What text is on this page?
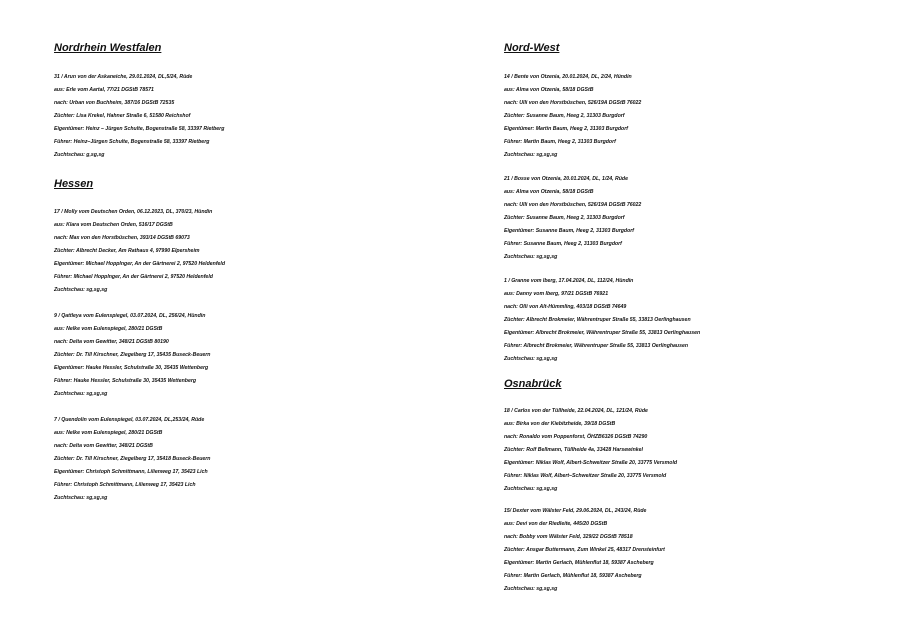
Nordrhein Westfalen
31 / Arun von der Askaneiche, 29.01.2024, DL,5/24, Rüde
aus: Erle vom Aartal, 77/21 DGStB 78571
nach: Urban von Buchheim, 387/16 DGStB 72535
Züchter: Lisa Krekel, Hahner Straße 6, 51580 Reichshof
Eigentümer: Heinz – Jürgen Schulte, Bogenstraße 58, 33397 Rietberg
Führer: Heinz–Jürgen Schulte, Bogenstraße 58, 33397 Rietberg
Zuchtschau: g,sg,sg
Hessen
17 / Molly vom Deutschen Orden, 06.12.2023, DL, 370/23, Hündin
aus: Klara vom Deutschen Orden, 516/17 DGStB
nach: Max von den Horstbüschen, 393/14 DGStB 69073
Züchter: Albrecht Decker, Am Rathaus 4, 97990 Elpersheim
Eigentümer: Michael Hopplnger, An der Gärtnerei 2, 97520 Heldenfeld
Führer: Michael Hopplnger, An der Gärtnerei 2, 97520 Heldenfeld
Zuchtschau: sg,sg,sg
9 / Qattleya vom Eulenspiegel, 03.07.2024, DL, 256/24, Hündin
aus: Nelke vom Eulenspiegel, 280/21 DGStB
nach: Delta vom Gewitter, 348/21 DGStB 80190
Züchter: Dr. Till Kirschner, Ziegelberg 17, 35435 Buseck-Beuern
Eigentümer: Hauke Hessler, Schulstraße 30, 35435 Wettenberg
Führer: Hauke Hessler, Schulstraße 30, 35435 Wettenberg
Zuchtschau: sg,sg,sg
7 / Quendolin vom Eulenspiegel, 03.07.2024, DL,253/24, Rüde
aus: Nelke vom Eulenspiegel, 280/21 DGStB
nach: Delta vom Gewitter, 348/21 DGStB
Züchter: Dr. Till Kirschner, Ziegelberg 17, 35418 Buseck-Beuern
Eigentümer: Christoph Schmittmann, Lilienweg 17, 35423 Lich
Führer: Christoph Schmittmann, Lilienweg 17, 35423 Lich
Zuchtschau: sg,sg,sg
Nord-West
14 / Bente von Otzenia, 20.01.2024, DL, 2/24, Hündin
aus: Alma von Otzenia, 58/18 DGStB
nach: Ulli von den Horstbüschen, 526/19A DGStB 76022
Züchter: Susanne Baum, Heeg 2, 31303 Burgdorf
Eigentümer: Martin Baum, Heeg 2, 31303 Burgdorf
Führer: Martin Baum, Heeg 2, 31303 Burgdorf
Zuchtschau: sg,sg,sg
21 / Bosse von Otzenia, 20.01.2024, DL, 1/24, Rüde
aus: Alma von Otzenia, 58/18 DGStB
nach: Ulli von den Horstbüschen, 526/19A DGStB 76022
Züchter: Susanne Baum, Heeg 2, 31303 Burgdorf
Eigentümer: Susanne Baum, Heeg 2, 31303 Burgdorf
Führer: Susanne Baum, Heeg 2, 31303 Burgdorf
Zuchtschau: sg,sg,sg
1 / Granne vom Iberg, 17.04.2024, DL, 112/24, Hündin
aus: Danny vom Iberg, 97/21 DGStB 76921
nach: Olli von Alt-Hümmling, 403/18 DGStB 74649
Züchter: Albrecht Brokmeier, Währentruper Straße 55, 33813 Oerlinghausen
Eigentümer: Albrecht Brokmeier, Währentruper Straße 55, 33813 Oerlinghausen
Führer: Albrecht Brokmeier, Währentruper Straße 55, 33813 Oerlinghausen
Zuchtschau: sg,sg,sg
Osnabrück
18 / Carlos von der Tüllheide, 22.04.2024, DL, 121/24, Rüde
aus: Birka von der Kiebitzheide, 39/18 DGStB
nach: Ronaldo vom Poppenforst, ÖHZB6326 DGStB 74290
Züchter: Rolf Bellmann, Tüllheide 4a, 33428 Harsewinkel
Eigentümer: Niklas Wolf, Albert-Schweitzer Straße 20, 33775 Versmold
Führer: Niklas Wolf, Albert–Schweitzer Straße 20, 33775 Versmold
Zuchtschau: sg,sg,sg
15/ Dexter vom Wälster Feld, 29.06.2024, DL, 243/24, Rüde
aus: Devi von der Riedleite, 445/20 DGStB
nach: Bobby vom Wälster Feld, 329/22 DGStB 78518
Züchter: Ansgar Buttermann, Zum Winkel 25, 48317 Drensteinfurt
Eigentümer: Martin Gerlach, Mühlenflut 18, 59387 Ascheberg
Führer: Martin Gerlach, Mühlenflut 18, 59387 Ascheberg
Zuchtschau: sg,sg,sg
